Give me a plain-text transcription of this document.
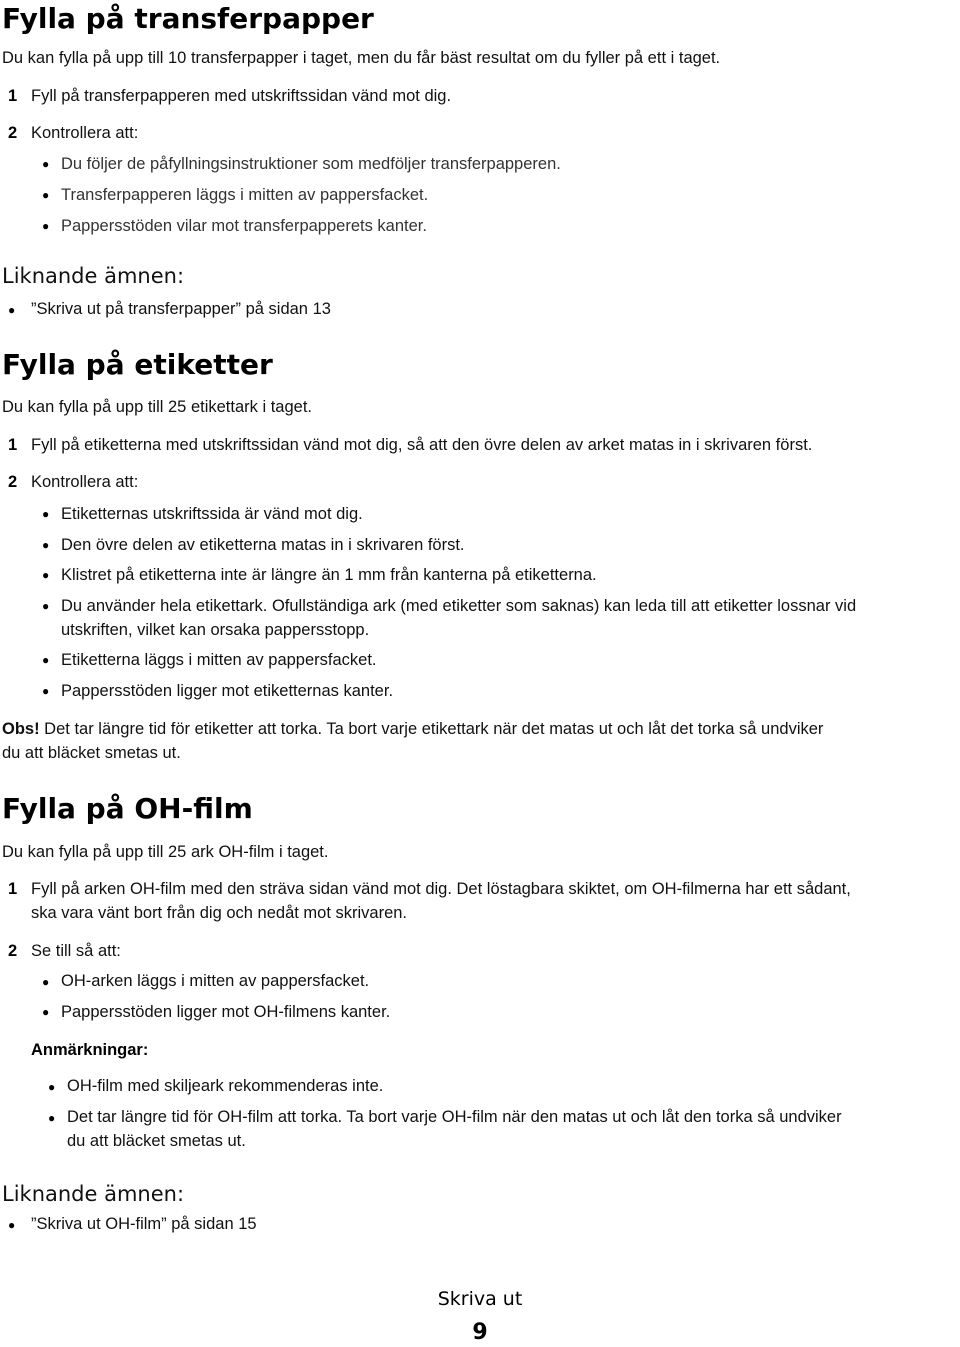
Fylla på transferpapper
Du kan fylla på upp till 10 transferpapper i taget, men du får bäst resultat om du fyller på ett i taget.
1 Fyll på transferpapperen med utskriftssidan vänd mot dig.
2 Kontrollera att:
● Du följer de påfyllningsinstruktioner som medföljer transferpapperen.
● Transferpapperen läggs i mitten av pappersfacket.
● Pappersstöden vilar mot transferpapperets kanter.
Liknande ämnen:
● ”Skriva ut på transferpapper” på sidan 13
Fylla på etiketter
Du kan fylla på upp till 25 etikettark i taget.
1 Fyll på etiketterna med utskriftssidan vänd mot dig, så att den övre delen av arket matas in i skrivaren först.
2 Kontrollera att:
● Etiketternas utskriftssida är vänd mot dig.
● Den övre delen av etiketterna matas in i skrivaren först.
● Klistret på etiketterna inte är längre än 1 mm från kanterna på etiketterna.
● Du använder hela etikettark. Ofullständiga ark (med etiketter som saknas) kan leda till att etiketter lossnar vid
utskriften, vilket kan orsaka pappersstopp.
● Etiketterna läggs i mitten av pappersfacket.
● Pappersstöden ligger mot etiketternas kanter.
Obs! Det tar längre tid för etiketter att torka. Ta bort varje etikettark när det matas ut och låt det torka så undviker
du att bläcket smetas ut.
Fylla på OH-film
Du kan fylla på upp till 25 ark OH-film i taget.
1 Fyll på arken OH-film med den sträva sidan vänd mot dig. Det löstagbara skiktet, om OH-filmerna har ett sådant,
ska vara vänt bort från dig och nedåt mot skrivaren.
2 Se till så att:
● OH-arken läggs i mitten av pappersfacket.
● Pappersstöden ligger mot OH-filmens kanter.
Anmärkningar:
● OH-film med skiljeark rekommenderas inte.
● Det tar längre tid för OH-film att torka. Ta bort varje OH-film när den matas ut och låt den torka så undviker
du att bläcket smetas ut.
Liknande ämnen:
● ”Skriva ut OH-film” på sidan 15
Skriva ut
9
